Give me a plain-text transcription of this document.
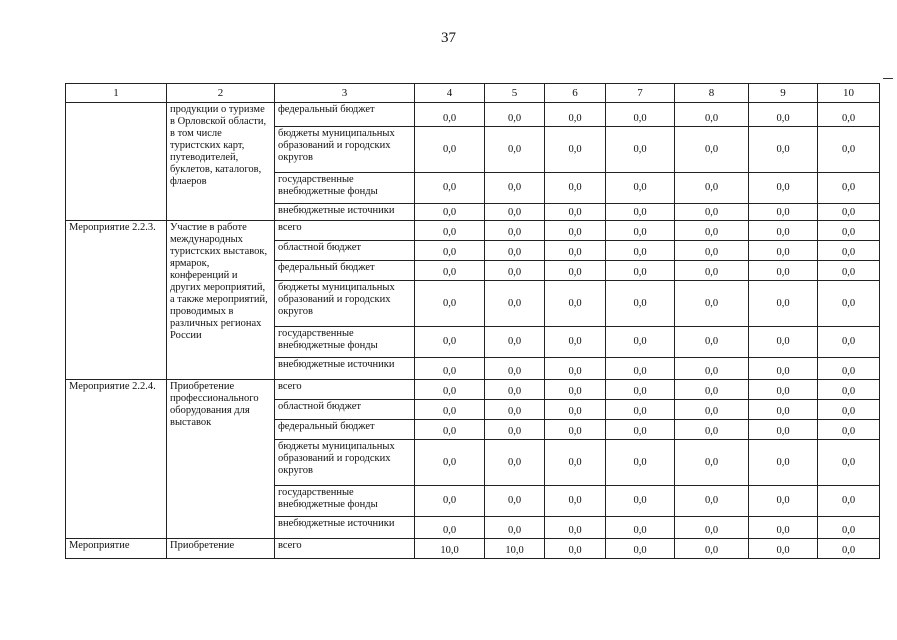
37
1	2	3	4	5	6	7	8	9	10
	продукции о туризме в Орловской области, в том числе туристских карт, путеводителей, буклетов, каталогов, флаеров	федеральный бюджет	0,0	0,0	0,0	0,0	0,0	0,0	0,0
		бюджеты муниципальных образований и городских округов	0,0	0,0	0,0	0,0	0,0	0,0	0,0
		государственные внебюджетные фонды	0,0	0,0	0,0	0,0	0,0	0,0	0,0
		внебюджетные источники	0,0	0,0	0,0	0,0	0,0	0,0	0,0
Мероприятие 2.2.3.	Участие в работе международных туристских выставок, ярмарок, конференций и других мероприятий, а также мероприятий, проводимых в различных регионах России	всего	0,0	0,0	0,0	0,0	0,0	0,0	0,0
		областной бюджет	0,0	0,0	0,0	0,0	0,0	0,0	0,0
		федеральный бюджет	0,0	0,0	0,0	0,0	0,0	0,0	0,0
		бюджеты муниципальных образований и городских округов	0,0	0,0	0,0	0,0	0,0	0,0	0,0
		государственные внебюджетные фонды	0,0	0,0	0,0	0,0	0,0	0,0	0,0
		внебюджетные источники	0,0	0,0	0,0	0,0	0,0	0,0	0,0
Мероприятие 2.2.4.	Приобретение профессионального оборудования для выставок	всего	0,0	0,0	0,0	0,0	0,0	0,0	0,0
		областной бюджет	0,0	0,0	0,0	0,0	0,0	0,0	0,0
		федеральный бюджет	0,0	0,0	0,0	0,0	0,0	0,0	0,0
		бюджеты муниципальных образований и городских округов	0,0	0,0	0,0	0,0	0,0	0,0	0,0
		государственные внебюджетные фонды	0,0	0,0	0,0	0,0	0,0	0,0	0,0
		внебюджетные источники	0,0	0,0	0,0	0,0	0,0	0,0	0,0
Мероприятие	Приобретение	всего	10,0	10,0	0,0	0,0	0,0	0,0	0,0
